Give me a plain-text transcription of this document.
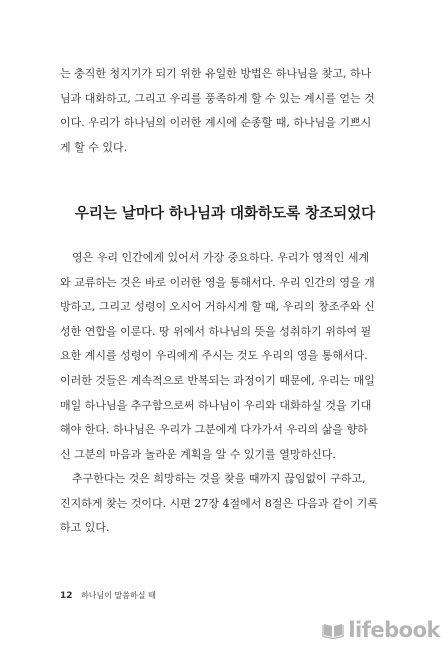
는 충직한 청지기가 되기 위한 유일한 방법은 하나님을 찾고, 하나
님과 대화하고, 그리고 우리를 풍족하게 할 수 있는 계시를 얻는 것
이다. 우리가 하나님의 이러한 계시에 순종할 때, 하나님을 기쁘시
게 할 수 있다.
우리는 날마다 하나님과 대화하도록 창조되었다
영은 우리 인간에게 있어서 가장 중요하다. 우리가 영적인 세계
와 교류하는 것은 바로 이러한 영을 통해서다. 우리 인간의 영을 개
방하고, 그리고 성령이 오시어 거하시게 할 때, 우리의 창조주와 신
성한 연합을 이룬다. 땅 위에서 하나님의 뜻을 성취하기 위하여 필
요한 계시를 성령이 우리에게 주시는 것도 우리의 영을 통해서다.
이러한 것들은 계속적으로 반복되는 과정이기 때문에, 우리는 매일
매일 하나님을 추구함으로써 하나님이 우리와 대화하실 것을 기대
해야 한다. 하나님은 우리가 그분에게 다가가서 우리의 삶을 향하
신 그분의 마음과 놀라운 계획을 알 수 있기를 열망하신다.
추구한다는 것은 희망하는 것을 찾을 때까지 끊임없이 구하고,
진지하게 찾는 것이다. 시편 27장 4절에서 8절은 다음과 같이 기록
하고 있다.
12 하나님이 말씀하실 때
lifebook
